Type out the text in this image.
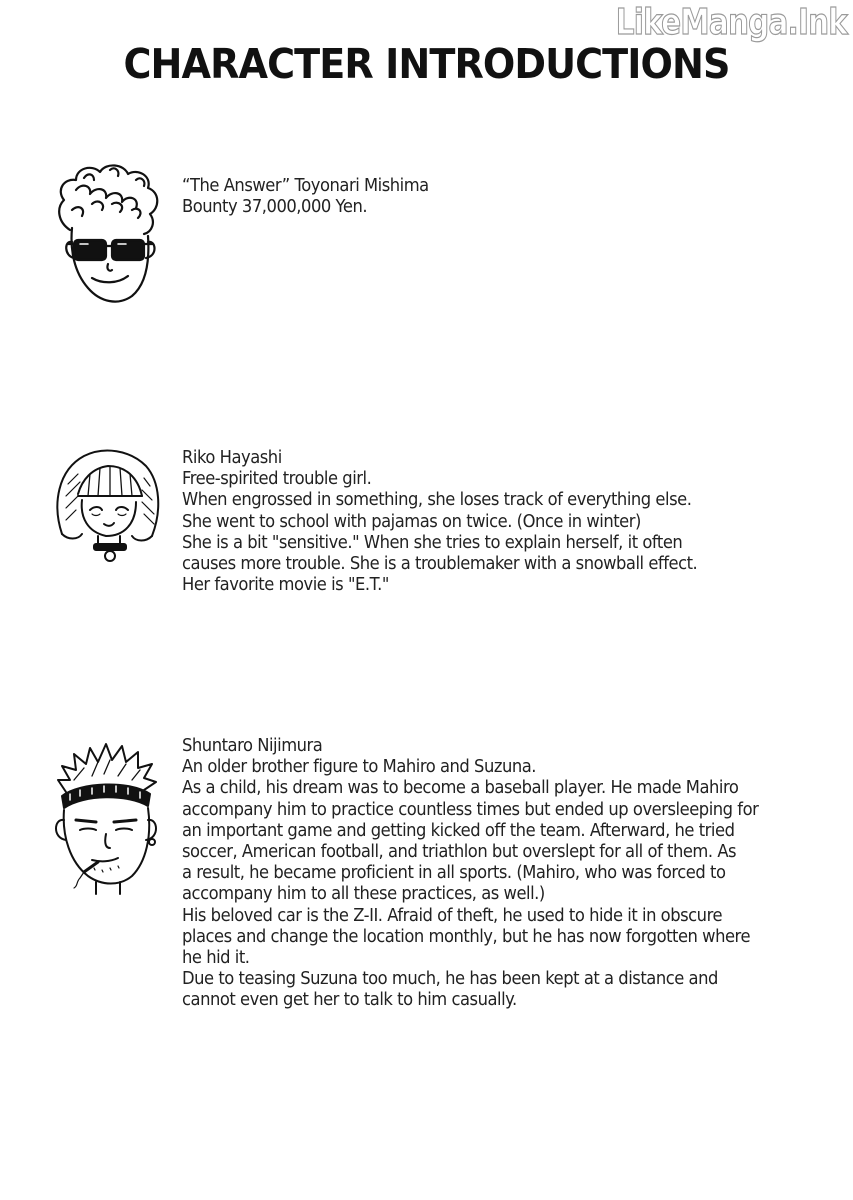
LikeManga.Ink
CHARACTER INTRODUCTIONS

“The Answer” Toyonari Mishima

Bounty 37,000,000 Yen.

Riko Hayashi

Free-spirited trouble girl.

When engrossed in something, she loses track of everything else.

She went to school with pajamas on twice. (Once in winter)

She is a bit "sensitive." When she tries to explain herself, it often
causes more trouble. She is a troublemaker with a snowball effect.

Her favorite movie is "E.T."

Shuntaro Nijimura

An older brother figure to Mahiro and Suzuna.

As a child, his dream was to become a baseball player. He made Mahiro
accompany him to practice countless times but ended up oversleeping for
an important game and getting kicked off the team. Afterward, he tried
soccer, American football, and triathlon but overslept for all of them. As
a result, he became proficient in all sports. (Mahiro, who was forced to
accompany him to all these practices, as well.)

His beloved car is the Z-II. Afraid of theft, he used to hide it in obscure
places and change the location monthly, but he has now forgotten where
he hid it.

Due to teasing Suzuna too much, he has been kept at a distance and
cannot even get her to talk to him casually.
